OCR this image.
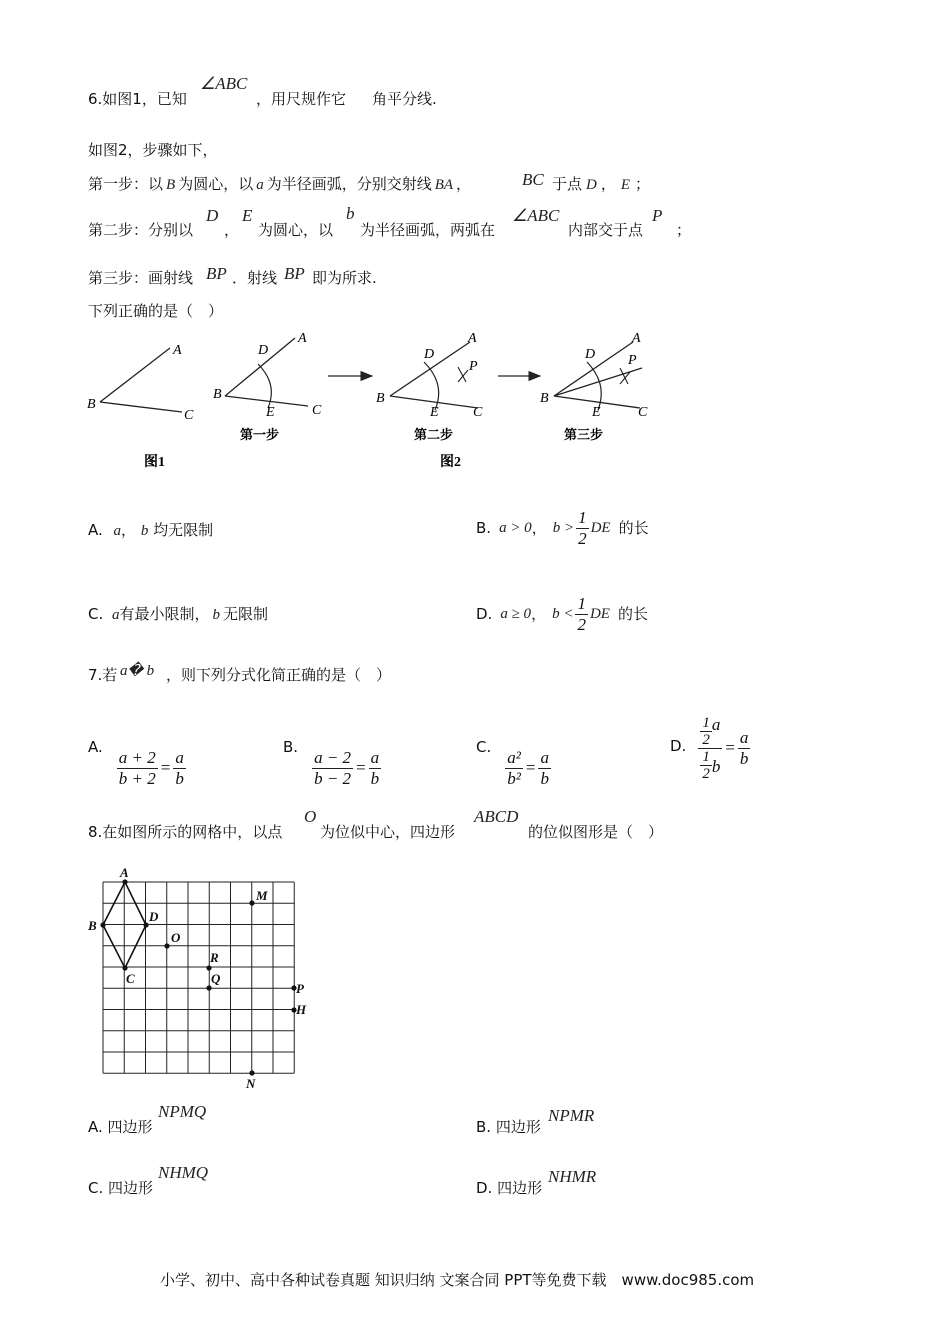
6.如图1，已知
∠ABC
，用尺规作它 角平分线.
如图2，步骤如下，
第一步：以 B 为圆心，以 a 为半径画弧，分别交射线 BA ，	BC 于点 D ， E ；
第二步：分别以
D
，
E
为圆心，以
b
为半径画弧，两弧在
∠ABC
内部交于点
P
；
第三步：画射线 BP ．射线 BP 即为所求.
下列正确的是（　）
A
B
C
图1
A
B
C
D
E
第一步
A
B
C
D
E
P
第二步
图2
A
B
C
D
E
P
第三步
A. a， b 均无限制	B. a > 0 ， $b > \frac{1}{2}$ DE 的长
C. a有最小限制， b 无限制	D. a ≥ 0 ， $b < \frac{1}{2}$ DE 的长
7.若 a� b ，则下列分式化简正确的是（　）
A.
$\frac{a + 2}{b + 2} = \frac{a}{b}$
B.
$\frac{a - 2}{b - 2} = \frac{a}{b}$
C.
$\frac{\text{a²}}{\text{b²}} = \frac{a}{b}$
D. $\frac{\frac{1}{2} a}{\frac{1}{2} b} = \frac{a}{b}$
8.在如图所示的网格中，以点
O
为位似中心，四边形
ABCD
的位似图形是（　）
A
B
C
D
O
M
R
Q
P
H
N
A. 四边形
NPMQ
B. 四边形
NPMR
C. 四边形
NHMQ
D. 四边形
NHMR
小学、初中、高中各种试卷真题 知识归纳 文案合同 PPT等免费下载　www.doc985.com
